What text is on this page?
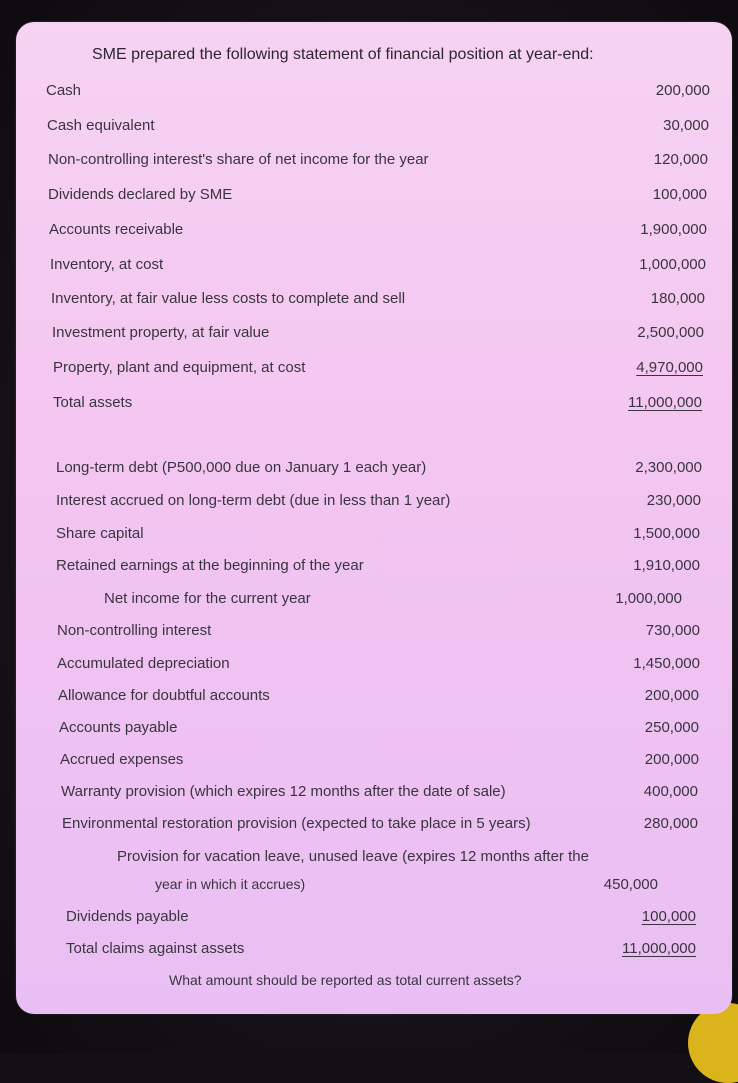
SME prepared the following statement of financial position at year-end:
Cash	200,000
Cash equivalent	30,000
Non-controlling interest's share of net income for the year	120,000
Dividends declared by SME	100,000
Accounts receivable	1,900,000
Inventory, at cost	1,000,000
Inventory, at fair value less costs to complete and sell	180,000
Investment property, at fair value	2,500,000
Property, plant and equipment, at cost	4,970,000
Total assets	11,000,000
Long-term debt (P500,000 due on January 1 each year)	2,300,000
Interest accrued on long-term debt (due in less than 1 year)	230,000
Share capital	1,500,000
Retained earnings at the beginning of the year	1,910,000
Net income for the current year	1,000,000
Non-controlling interest	730,000
Accumulated depreciation	1,450,000
Allowance for doubtful accounts	200,000
Accounts payable	250,000
Accrued expenses	200,000
Warranty provision (which expires 12 months after the date of sale)	400,000
Environmental restoration provision (expected to take place in 5 years)	280,000
Provision for vacation leave, unused leave (expires 12 months after the
year in which it accrues)	450,000
Dividends payable	100,000
Total claims against assets	11,000,000
What amount should be reported as total current assets?
